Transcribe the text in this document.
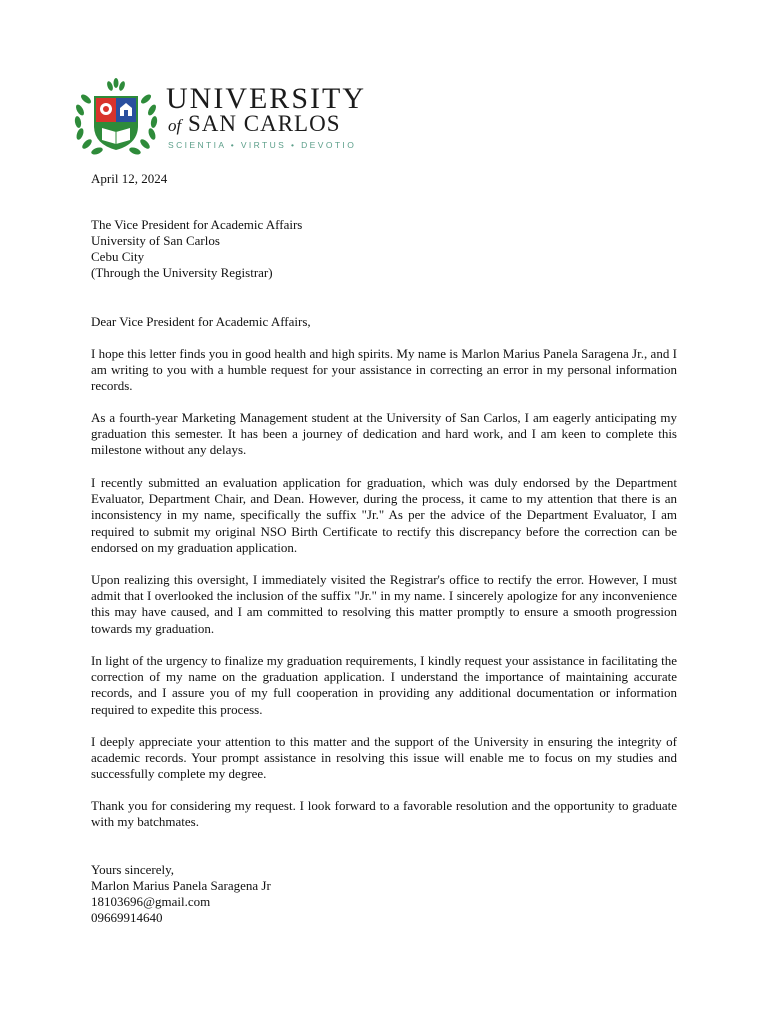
UNIVERSITY
of SAN CARLOS
SCIENTIA • VIRTUS • DEVOTIO
April 12, 2024
The Vice President for Academic Affairs
University of San Carlos
Cebu City
(Through the University Registrar)
Dear Vice President for Academic Affairs,
I hope this letter finds you in good health and high spirits. My name is Marlon Marius Panela Saragena Jr., and I am writing to you with a humble request for your assistance in correcting an error in my personal information records.
As a fourth-year Marketing Management student at the University of San Carlos, I am eagerly anticipating my graduation this semester. It has been a journey of dedication and hard work, and I am keen to complete this milestone without any delays.
I recently submitted an evaluation application for graduation, which was duly endorsed by the Department Evaluator, Department Chair, and Dean. However, during the process, it came to my attention that there is an inconsistency in my name, specifically the suffix "Jr." As per the advice of the Department Evaluator, I am required to submit my original NSO Birth Certificate to rectify this discrepancy before the correction can be endorsed on my graduation application.
Upon realizing this oversight, I immediately visited the Registrar's office to rectify the error. However, I must admit that I overlooked the inclusion of the suffix "Jr." in my name. I sincerely apologize for any inconvenience this may have caused, and I am committed to resolving this matter promptly to ensure a smooth progression towards my graduation.
In light of the urgency to finalize my graduation requirements, I kindly request your assistance in facilitating the correction of my name on the graduation application. I understand the importance of maintaining accurate records, and I assure you of my full cooperation in providing any additional documentation or information required to expedite this process.
I deeply appreciate your attention to this matter and the support of the University in ensuring the integrity of academic records. Your prompt assistance in resolving this issue will enable me to focus on my studies and successfully complete my degree.
Thank you for considering my request. I look forward to a favorable resolution and the opportunity to graduate with my batchmates.
Yours sincerely,
Marlon Marius Panela Saragena Jr
18103696@gmail.com
09669914640
